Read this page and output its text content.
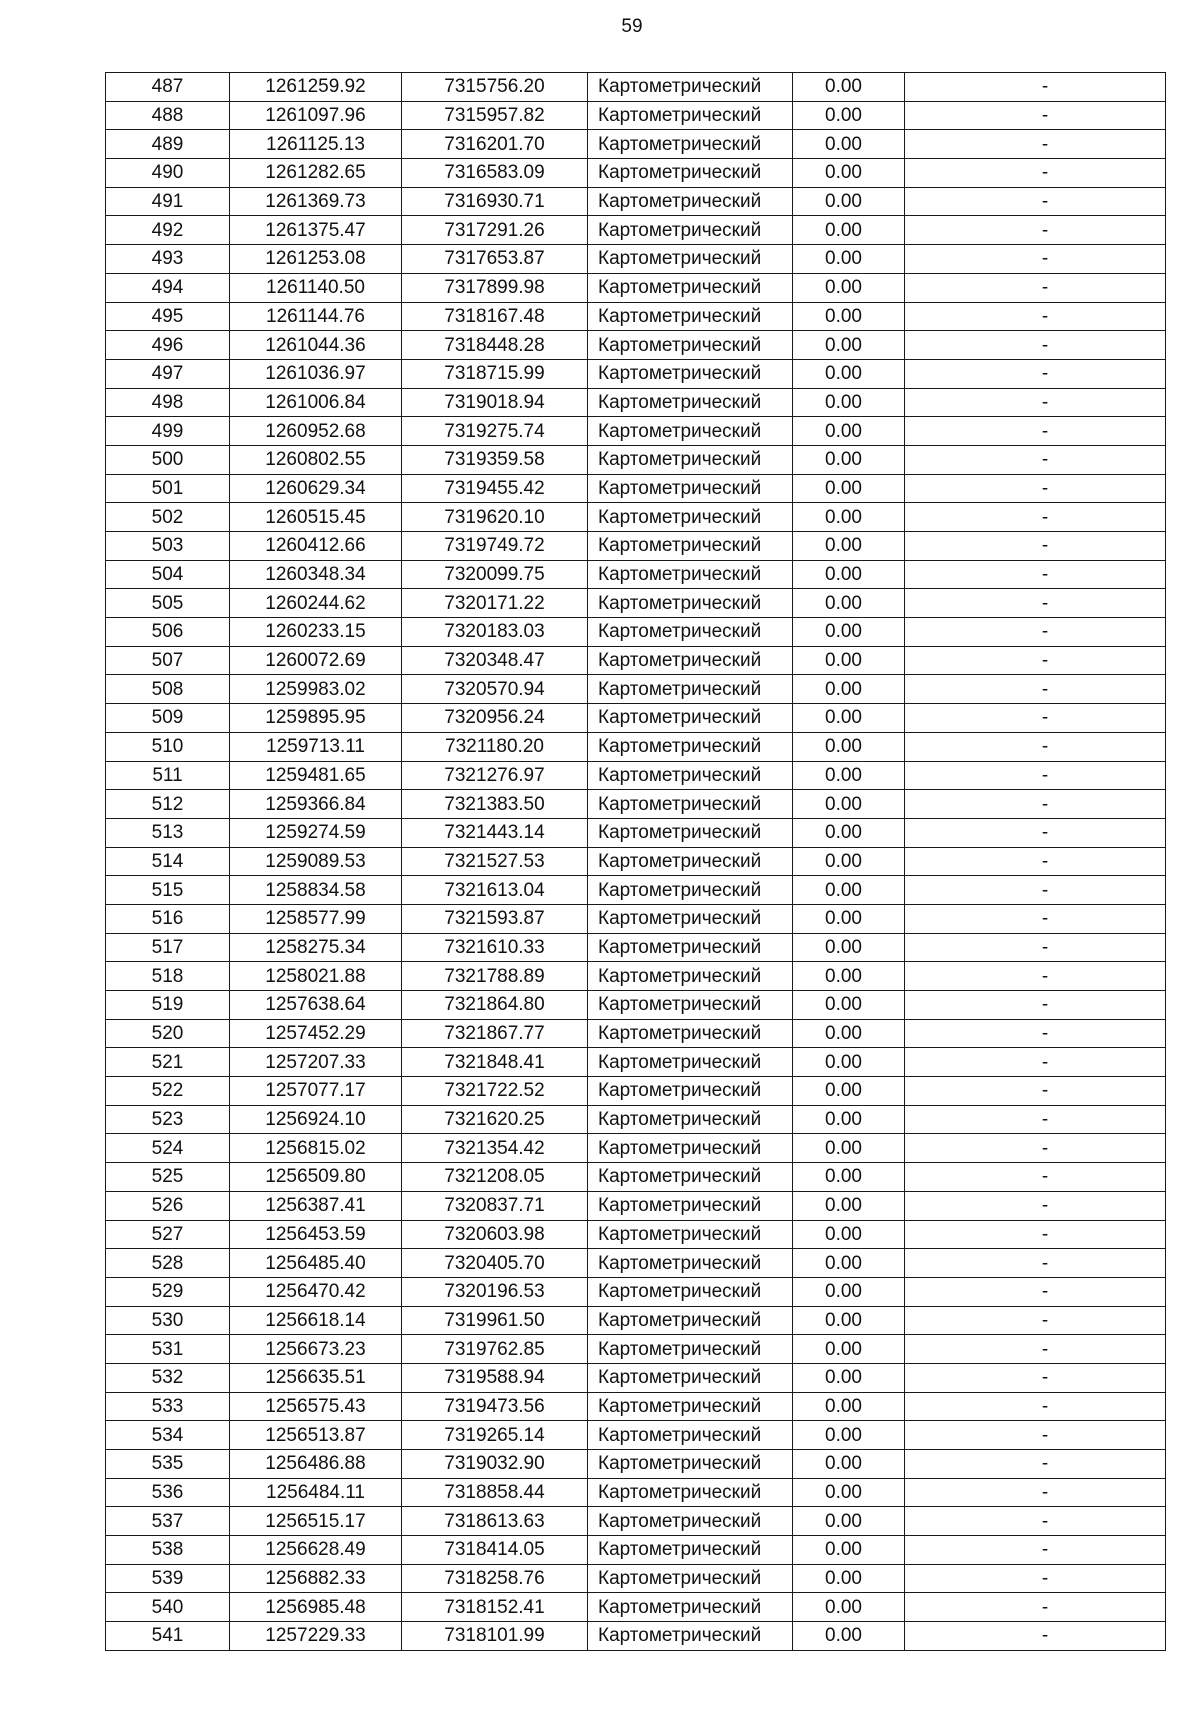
59
487	1261259.92	7315756.20	Картометрический	0.00	-
488	1261097.96	7315957.82	Картометрический	0.00	-
489	1261125.13	7316201.70	Картометрический	0.00	-
490	1261282.65	7316583.09	Картометрический	0.00	-
491	1261369.73	7316930.71	Картометрический	0.00	-
492	1261375.47	7317291.26	Картометрический	0.00	-
493	1261253.08	7317653.87	Картометрический	0.00	-
494	1261140.50	7317899.98	Картометрический	0.00	-
495	1261144.76	7318167.48	Картометрический	0.00	-
496	1261044.36	7318448.28	Картометрический	0.00	-
497	1261036.97	7318715.99	Картометрический	0.00	-
498	1261006.84	7319018.94	Картометрический	0.00	-
499	1260952.68	7319275.74	Картометрический	0.00	-
500	1260802.55	7319359.58	Картометрический	0.00	-
501	1260629.34	7319455.42	Картометрический	0.00	-
502	1260515.45	7319620.10	Картометрический	0.00	-
503	1260412.66	7319749.72	Картометрический	0.00	-
504	1260348.34	7320099.75	Картометрический	0.00	-
505	1260244.62	7320171.22	Картометрический	0.00	-
506	1260233.15	7320183.03	Картометрический	0.00	-
507	1260072.69	7320348.47	Картометрический	0.00	-
508	1259983.02	7320570.94	Картометрический	0.00	-
509	1259895.95	7320956.24	Картометрический	0.00	-
510	1259713.11	7321180.20	Картометрический	0.00	-
511	1259481.65	7321276.97	Картометрический	0.00	-
512	1259366.84	7321383.50	Картометрический	0.00	-
513	1259274.59	7321443.14	Картометрический	0.00	-
514	1259089.53	7321527.53	Картометрический	0.00	-
515	1258834.58	7321613.04	Картометрический	0.00	-
516	1258577.99	7321593.87	Картометрический	0.00	-
517	1258275.34	7321610.33	Картометрический	0.00	-
518	1258021.88	7321788.89	Картометрический	0.00	-
519	1257638.64	7321864.80	Картометрический	0.00	-
520	1257452.29	7321867.77	Картометрический	0.00	-
521	1257207.33	7321848.41	Картометрический	0.00	-
522	1257077.17	7321722.52	Картометрический	0.00	-
523	1256924.10	7321620.25	Картометрический	0.00	-
524	1256815.02	7321354.42	Картометрический	0.00	-
525	1256509.80	7321208.05	Картометрический	0.00	-
526	1256387.41	7320837.71	Картометрический	0.00	-
527	1256453.59	7320603.98	Картометрический	0.00	-
528	1256485.40	7320405.70	Картометрический	0.00	-
529	1256470.42	7320196.53	Картометрический	0.00	-
530	1256618.14	7319961.50	Картометрический	0.00	-
531	1256673.23	7319762.85	Картометрический	0.00	-
532	1256635.51	7319588.94	Картометрический	0.00	-
533	1256575.43	7319473.56	Картометрический	0.00	-
534	1256513.87	7319265.14	Картометрический	0.00	-
535	1256486.88	7319032.90	Картометрический	0.00	-
536	1256484.11	7318858.44	Картометрический	0.00	-
537	1256515.17	7318613.63	Картометрический	0.00	-
538	1256628.49	7318414.05	Картометрический	0.00	-
539	1256882.33	7318258.76	Картометрический	0.00	-
540	1256985.48	7318152.41	Картометрический	0.00	-
541	1257229.33	7318101.99	Картометрический	0.00	-
